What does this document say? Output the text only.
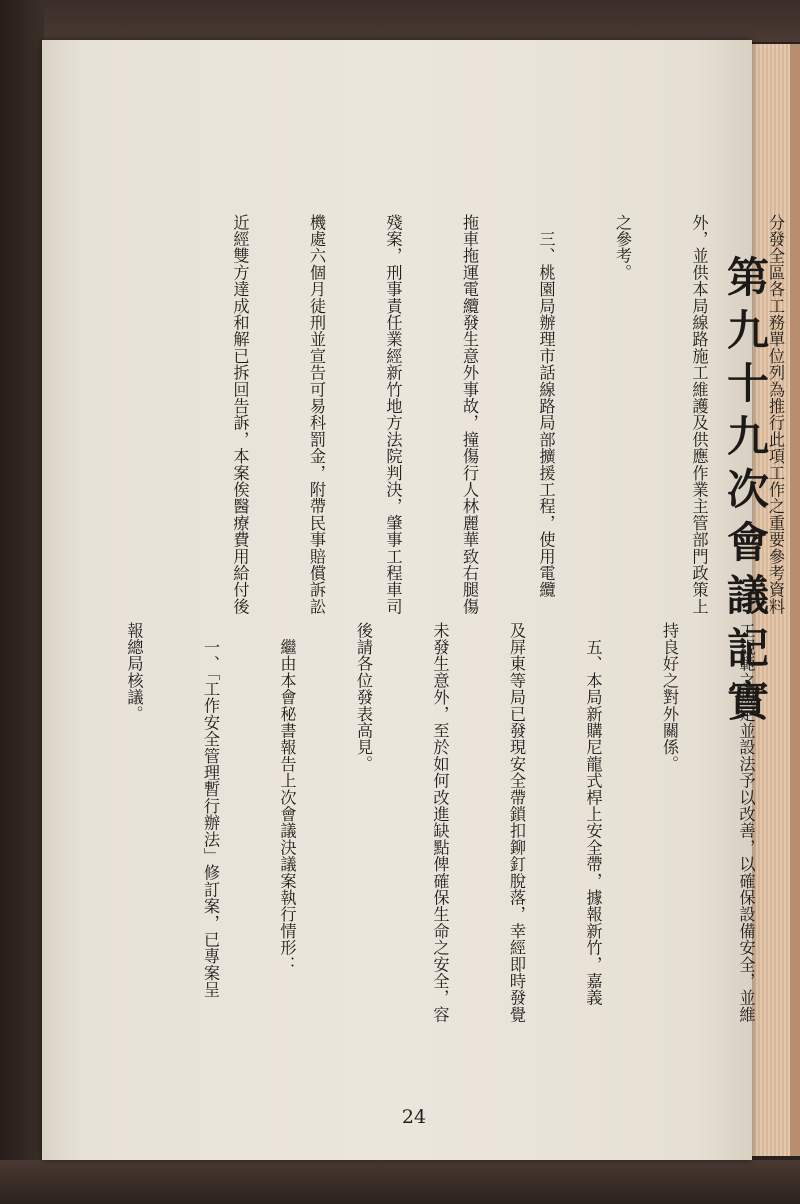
第九十九次會議記實

分發全區各工務單位列為推行此項工作之重要參考資料

外，並供本局線路施工維護及供應作業主管部門政策上

之參考。

　三、桃園局辦理市話線路局部擴援工程，使用電纜

拖車拖運電纜發生意外事故，撞傷行人林麗華致右腿傷

殘案，刑事責任業經新竹地方法院判決，肇事工程車司

機處六個月徒刑並宣告可易科罰金，附帶民事賠償訴訟

近經雙方達成和解已拆回告訴，本案俟醫療費用給付後

工規範之規定並設法予以改善，以確保設備安全，並維

持良好之對外關係。

　五、本局新購尼龍式桿上安全帶，據報新竹，嘉義

及屏東等局已發現安全帶鎖扣鉚釘脫落，幸經即時發覺

未發生意外，至於如何改進缺點俾確保生命之安全，容

後請各位發表高見。

　繼由本會秘書報告上次會議決議案執行情形：

　一、「工作安全管理暫行辦法」修訂案，已專案呈

報總局核議。

24
